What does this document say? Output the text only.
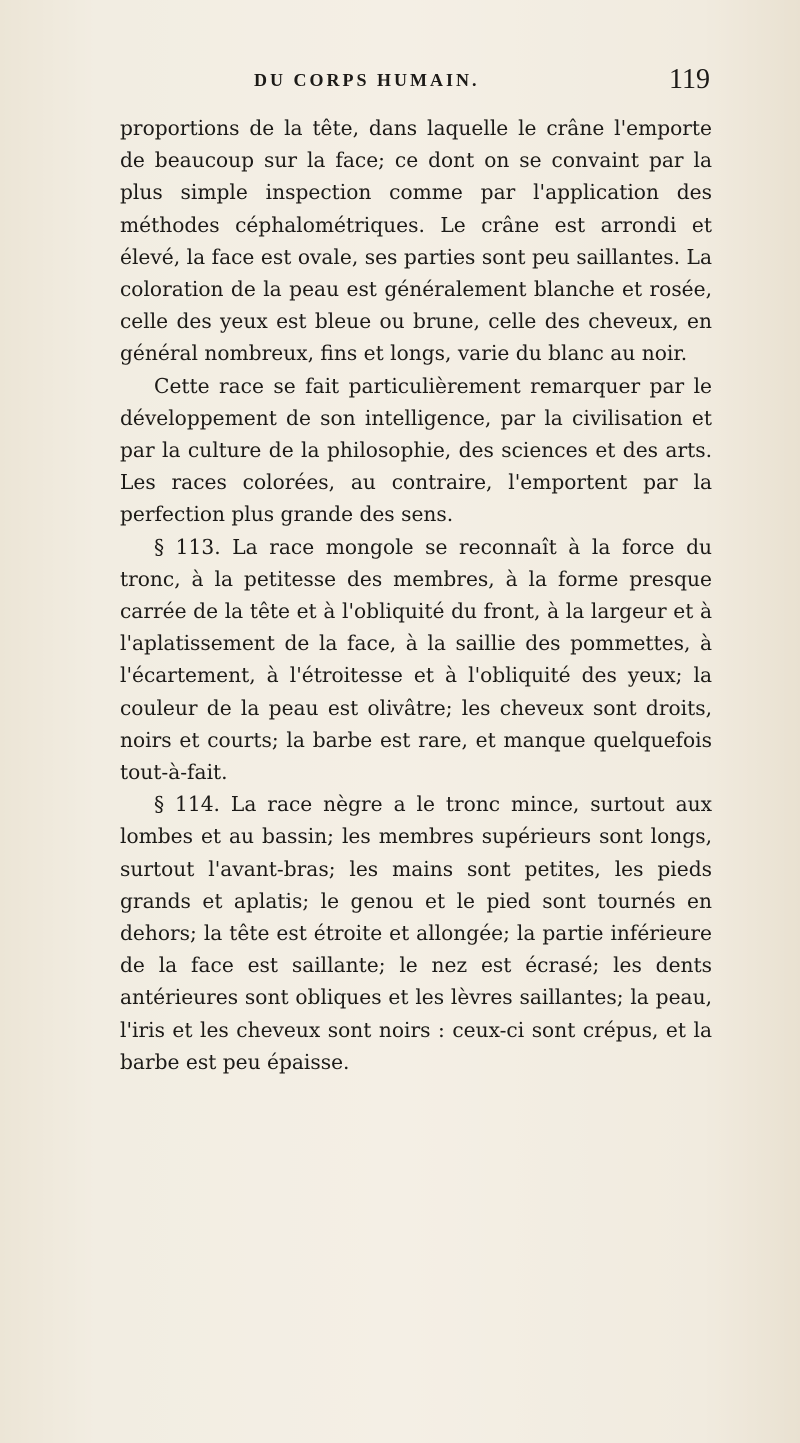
DU CORPS HUMAIN.	119

proportions de la tête, dans laquelle le crâne l'emporte de beaucoup sur la face; ce dont on se convaint par la plus simple inspection comme par l'application des méthodes céphalométriques. Le crâne est arrondi et élevé, la face est ovale, ses parties sont peu saillantes. La coloration de la peau est généralement blanche et rosée, celle des yeux est bleue ou brune, celle des cheveux, en général nombreux, fins et longs, varie du blanc au noir.

Cette race se fait particulièrement remarquer par le développement de son intelligence, par la civilisation et par la culture de la philosophie, des sciences et des arts. Les races colorées, au contraire, l'emportent par la perfection plus grande des sens.

§ 113. La race mongole se reconnaît à la force du tronc, à la petitesse des membres, à la forme presque carrée de la tête et à l'obliquité du front, à la largeur et à l'aplatissement de la face, à la saillie des pommettes, à l'écartement, à l'étroitesse et à l'obliquité des yeux; la couleur de la peau est olivâtre; les cheveux sont droits, noirs et courts; la barbe est rare, et manque quelquefois tout-à-fait.

§ 114. La race nègre a le tronc mince, surtout aux lombes et au bassin; les membres supérieurs sont longs, surtout l'avant-bras; les mains sont petites, les pieds grands et aplatis; le genou et le pied sont tournés en dehors; la tête est étroite et allongée; la partie inférieure de la face est saillante; le nez est écrasé; les dents antérieures sont obliques et les lèvres saillantes; la peau, l'iris et les cheveux sont noirs : ceux-ci sont crépus, et la barbe est peu épaisse.
